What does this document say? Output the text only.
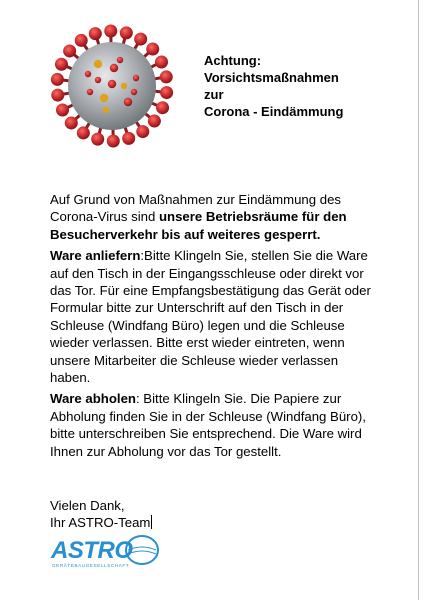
Achtung:
Vorsichtsmaßnahmen
zur
Corona - Eindämmung

Auf Grund von Maßnahmen zur Eindämmung des Corona-Virus sind unsere Betriebsräume für den Besucherverkehr bis auf weiteres gesperrt.

Ware anliefern:Bitte Klingeln Sie, stellen Sie die Ware auf den Tisch in der Eingangsschleuse oder direkt vor das Tor. Für eine Empfangsbestätigung das Gerät oder Formular bitte zur Unterschrift auf den Tisch in der Schleuse (Windfang Büro) legen und die Schleuse wieder verlassen. Bitte erst wieder eintreten, wenn unsere Mitarbeiter die Schleuse wieder verlassen haben.

Ware abholen: Bitte Klingeln Sie. Die Papiere zur Abholung finden Sie in der Schleuse (Windfang Büro), bitte unterschreiben Sie entsprechend. Die Ware wird Ihnen zur Abholung vor das Tor gestellt.

Vielen Dank,
Ihr ASTRO-Team
ASTRO
GERÄTEBAUGESELLSCHAFT
